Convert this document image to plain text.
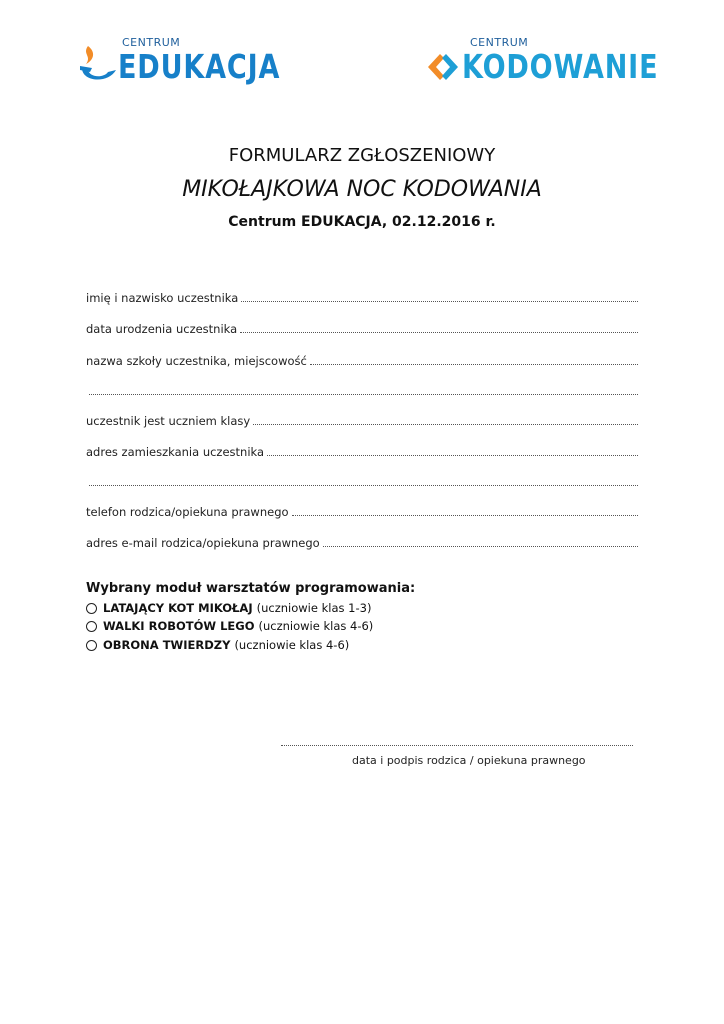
CENTRUM
EDUKACJA
CENTRUM
KODOWANIE
FORMULARZ ZGŁOSZENIOWY
MIKOŁAJKOWA NOC KODOWANIA
Centrum EDUKACJA, 02.12.2016 r.
imię i nazwisko uczestnika
data urodzenia uczestnika
nazwa szkoły uczestnika, miejscowość
uczestnik jest uczniem klasy
adres zamieszkania uczestnika
telefon rodzica/opiekuna prawnego
adres e-mail rodzica/opiekuna prawnego
Wybrany moduł warsztatów programowania:
LATAJĄCY KOT MIKOŁAJ (uczniowie klas 1-3)
WALKI ROBOTÓW LEGO (uczniowie klas 4-6)
OBRONA TWIERDZY (uczniowie klas 4-6)
data i podpis rodzica / opiekuna prawnego
